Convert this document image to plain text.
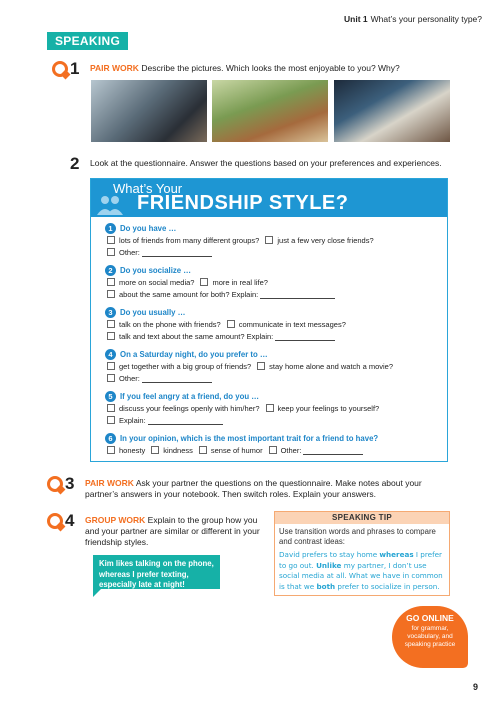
Unit 1 What’s your personality type?
SPEAKING
1	PAIR WORK Describe the pictures. Which looks the most enjoyable to you? Why?
2	Look at the questionnaire. Answer the questions based on your preferences and experiences.
What’s Your
FRIENDSHIP STYLE?
1 Do you have …
lots of friends from many different groups? just a few very close friends?
Other:
2 Do you socialize …
more on social media? more in real life?
about the same amount for both? Explain:
3 Do you usually …
talk on the phone with friends? communicate in text messages?
talk and text about the same amount? Explain:
4 On a Saturday night, do you prefer to …
get together with a big group of friends? stay home alone and watch a movie?
Other:
5 If you feel angry at a friend, do you …
discuss your feelings openly with him/her? keep your feelings to yourself?
Explain:
6 In your opinion, which is the most important trait for a friend to have?
honesty kindness sense of humor Other:
3	PAIR WORK Ask your partner the questions on the questionnaire. Make notes about your partner’s answers in your notebook. Then switch roles. Explain your answers.
4	GROUP WORK Explain to the group how you and your partner are similar or different in your friendship styles.
Kim likes talking on the phone, whereas I prefer texting, especially late at night!
SPEAKING TIP
Use transition words and phrases to compare and contrast ideas:
David prefers to stay home whereas I prefer to go out. Unlike my partner, I don’t use social media at all. What we have in common is that we both prefer to socialize in person.
GO ONLINE
for grammar, vocabulary, and speaking practice
9
